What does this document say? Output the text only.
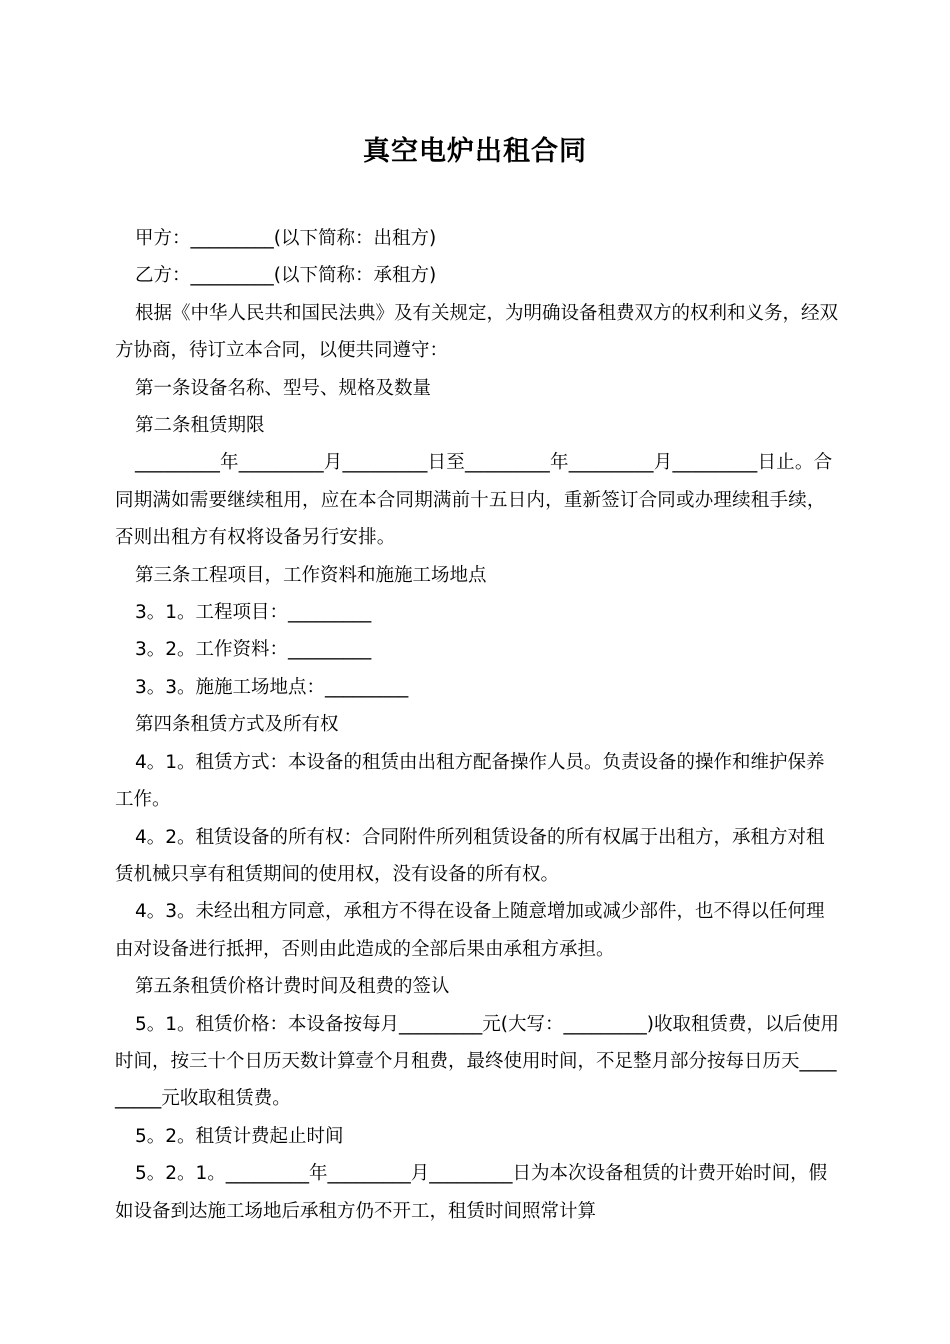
真空电炉出租合同

甲方：_________(以下简称：出租方)

乙方：_________(以下简称：承租方)

根据《中华人民共和国民法典》及有关规定，为明确设备租费双方的权利和义务，经双方协商，待订立本合同，以便共同遵守：

第一条设备名称、型号、规格及数量

第二条租赁期限

_________年_________月_________日至_________年_________月_________日止。合同期满如需要继续租用，应在本合同期满前十五日内，重新签订合同或办理续租手续，否则出租方有权将设备另行安排。

第三条工程项目，工作资料和施施工场地点

3。1。工程项目：_________

3。2。工作资料：_________

3。3。施施工场地点：_________

第四条租赁方式及所有权

4。1。租赁方式：本设备的租赁由出租方配备操作人员。负责设备的操作和维护保养工作。

4。2。租赁设备的所有权：合同附件所列租赁设备的所有权属于出租方，承租方对租赁机械只享有租赁期间的使用权，没有设备的所有权。

4。3。未经出租方同意，承租方不得在设备上随意增加或减少部件，也不得以任何理由对设备进行抵押，否则由此造成的全部后果由承租方承担。

第五条租赁价格计费时间及租费的签认

5。1。租赁价格：本设备按每月_________元(大写：_________)收取租赁费，以后使用时间，按三十个日历天数计算壹个月租费，最终使用时间，不足整月部分按每日历天_________元收取租赁费。

5。2。租赁计费起止时间

5。2。1。_________年_________月_________日为本次设备租赁的计费开始时间，假如设备到达施工场地后承租方仍不开工，租赁时间照常计算
